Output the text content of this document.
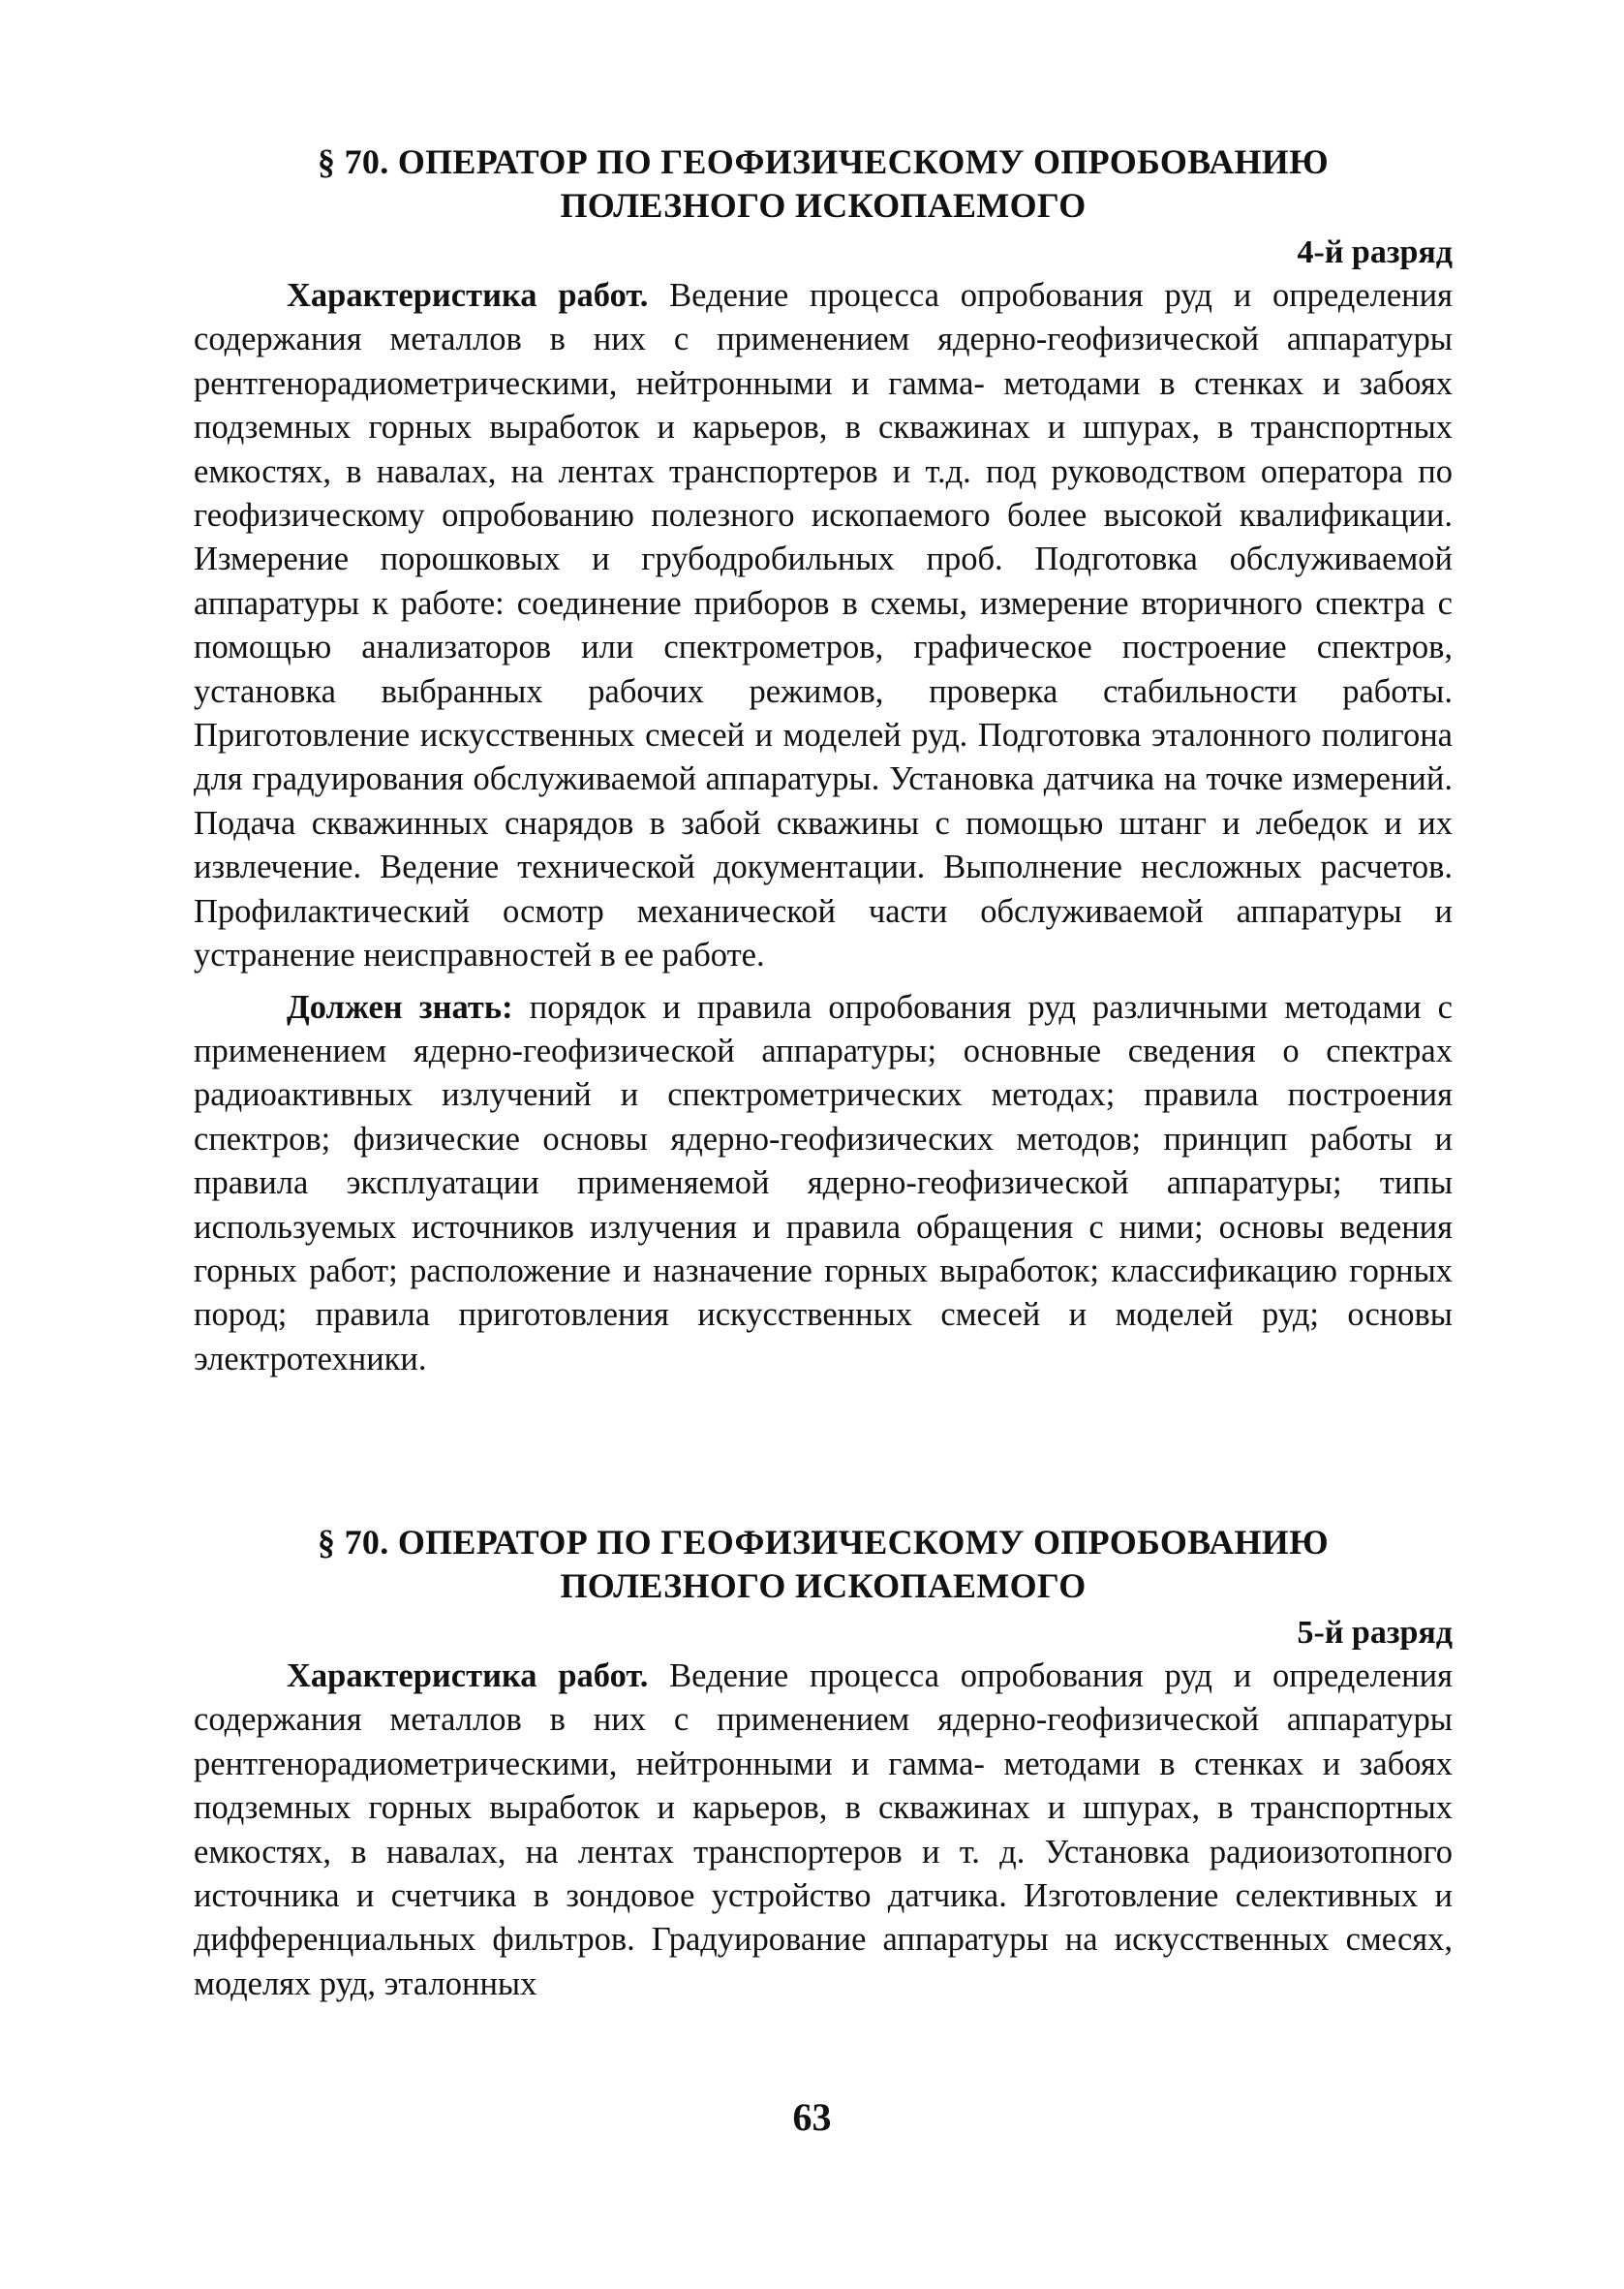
§ 70. ОПЕРАТОР ПО ГЕОФИЗИЧЕСКОМУ ОПРОБОВАНИЮ
ПОЛЕЗНОГО ИСКОПАЕМОГО
4-й разряд

Характеристика работ. Ведение процесса опробования руд и определения содержания металлов в них с применением ядерно-геофизической аппаратуры рентгенорадиометрическими, нейтронными и гамма- методами в стенках и забоях подземных горных выработок и карьеров, в скважинах и шпурах, в транспортных емкостях, в навалах, на лентах транспортеров и т.д. под руководством оператора по геофизическому опробованию полезного ископаемого более высокой квалификации. Измерение порошковых и грубодробильных проб. Подготовка обслуживаемой аппаратуры к работе: соединение приборов в схемы, измерение вторичного спектра с помощью анализаторов или спектрометров, графическое построение спектров, установка выбранных рабочих режимов, проверка стабильности работы. Приготовление искусственных смесей и моделей руд. Подготовка эталонного полигона для градуирования обслуживаемой аппаратуры. Установка датчика на точке измерений. Подача скважинных снарядов в забой скважины с помощью штанг и лебедок и их извлечение. Ведение технической документации. Выполнение несложных расчетов. Профилактический осмотр механической части обслуживаемой аппаратуры и устранение неисправностей в ее работе.

Должен знать: порядок и правила опробования руд различными методами с применением ядерно-геофизической аппаратуры; основные сведения о спектрах радиоактивных излучений и спектрометрических методах; правила построения спектров; физические основы ядерно-геофизических методов; принцип работы и правила эксплуатации применяемой ядерно-геофизической аппаратуры; типы используемых источников излучения и правила обращения с ними; основы ведения горных работ; расположение и назначение горных выработок; классификацию горных пород; правила приготовления искусственных смесей и моделей руд; основы электротехники.

§ 70. ОПЕРАТОР ПО ГЕОФИЗИЧЕСКОМУ ОПРОБОВАНИЮ
ПОЛЕЗНОГО ИСКОПАЕМОГО
5-й разряд

Характеристика работ. Ведение процесса опробования руд и определения содержания металлов в них с применением ядерно-геофизической аппаратуры рентгенорадиометрическими, нейтронными и гамма- методами в стенках и забоях подземных горных выработок и карьеров, в скважинах и шпурах, в транспортных емкостях, в навалах, на лентах транспортеров и т. д. Установка радиоизотопного источника и счетчика в зондовое устройство датчика. Изготовление селективных и дифференциальных фильтров. Градуирование аппаратуры на искусственных смесях, моделях руд, эталонных

63
